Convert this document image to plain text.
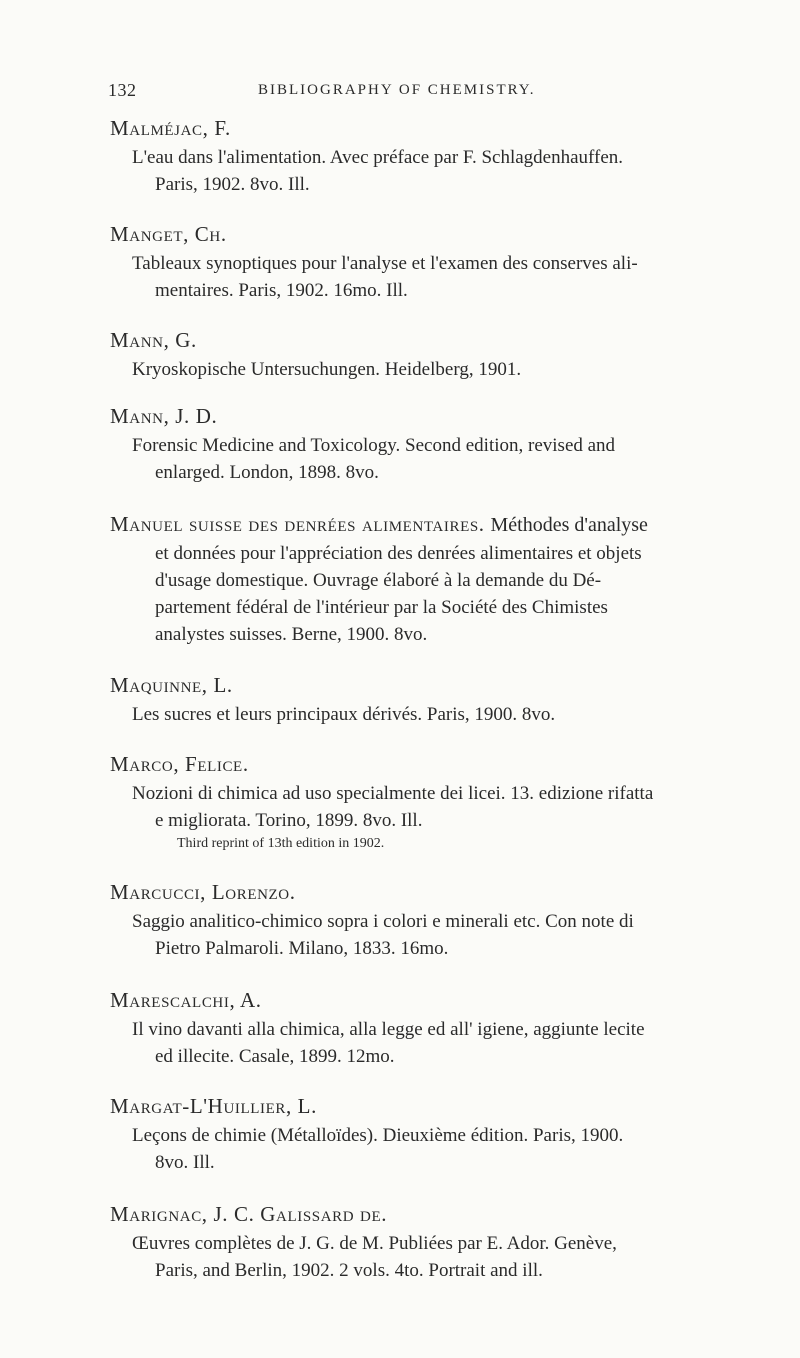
132	BIBLIOGRAPHY OF CHEMISTRY.
Malméjac, F.
L'eau dans l'alimentation. Avec préface par F. Schlagdenhauffen.
Paris, 1902. 8vo. Ill.
Manget, Ch.
Tableaux synoptiques pour l'analyse et l'examen des conserves ali-
mentaires. Paris, 1902. 16mo. Ill.
Mann, G.
Kryoskopische Untersuchungen. Heidelberg, 1901.
Mann, J. D.
Forensic Medicine and Toxicology. Second edition, revised and
enlarged. London, 1898. 8vo.
Manuel suisse des denrées alimentaires. Méthodes d'analyse
et données pour l'appréciation des denrées alimentaires et objets
d'usage domestique. Ouvrage élaboré à la demande du Dé-
partement fédéral de l'intérieur par la Société des Chimistes
analystes suisses. Berne, 1900. 8vo.
Maquinne, L.
Les sucres et leurs principaux dérivés. Paris, 1900. 8vo.
Marco, Felice.
Nozioni di chimica ad uso specialmente dei licei. 13. edizione rifatta
e migliorata. Torino, 1899. 8vo. Ill.
Third reprint of 13th edition in 1902.
Marcucci, Lorenzo.
Saggio analitico-chimico sopra i colori e minerali etc. Con note di
Pietro Palmaroli. Milano, 1833. 16mo.
Marescalchi, A.
Il vino davanti alla chimica, alla legge ed all' igiene, aggiunte lecite
ed illecite. Casale, 1899. 12mo.
Margat-L'Huillier, L.
Leçons de chimie (Métalloïdes). Dieuxième édition. Paris, 1900.
8vo. Ill.
Marignac, J. C. Galissard de.
Œuvres complètes de J. G. de M. Publiées par E. Ador. Genève,
Paris, and Berlin, 1902. 2 vols. 4to. Portrait and ill.
